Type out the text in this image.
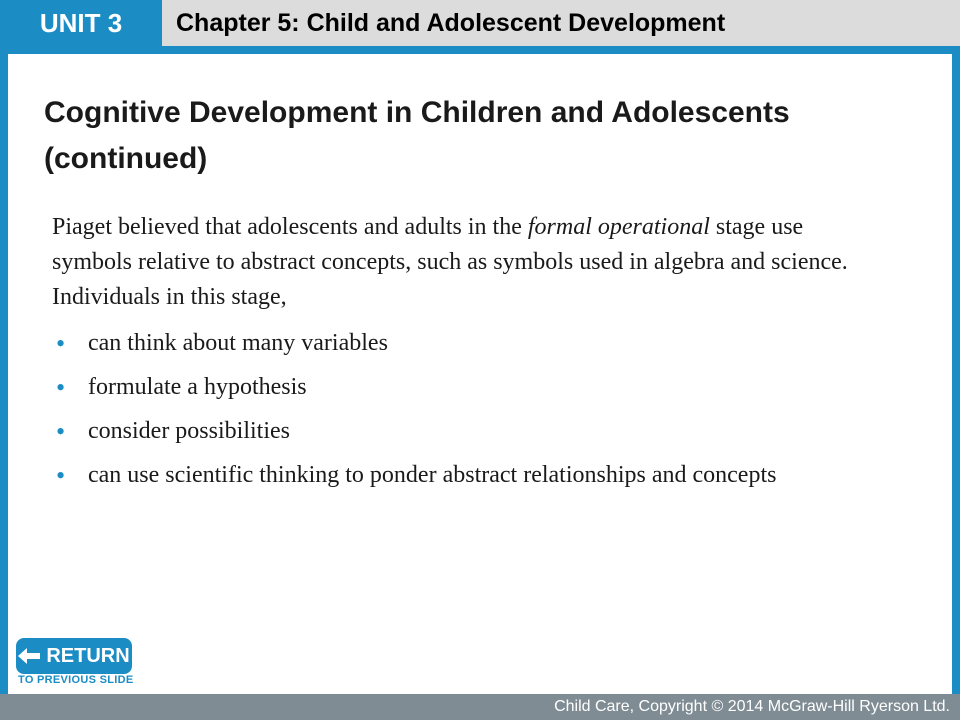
UNIT 3 Chapter 5: Child and Adolescent Development
Cognitive Development in Children and Adolescents (continued)

Piaget believed that adolescents and adults in the formal operational stage use symbols relative to abstract concepts, such as symbols used in algebra and science. Individuals in this stage,

• can think about many variables
• formulate a hypothesis
• consider possibilities
• can use scientific thinking to ponder abstract relationships and concepts
RETURN
TO PREVIOUS SLIDE
Child Care, Copyright © 2014 McGraw-Hill Ryerson Ltd.
